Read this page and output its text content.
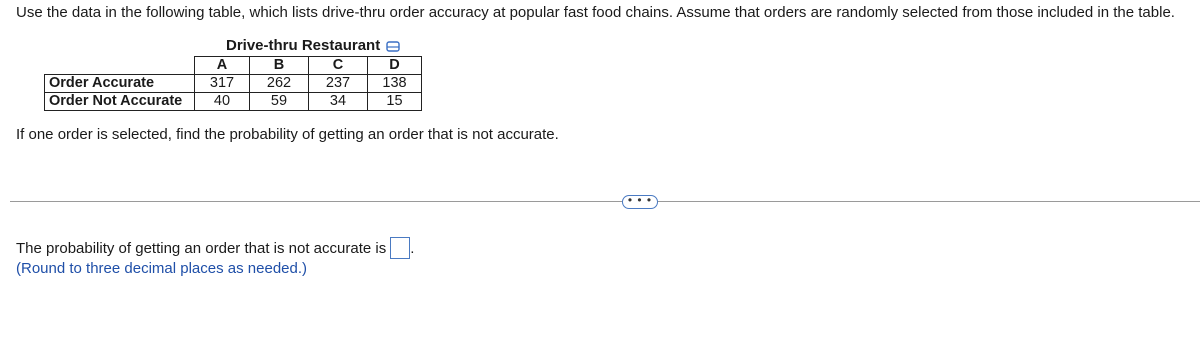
Use the data in the following table, which lists drive-thru order accuracy at popular fast food chains. Assume that orders are randomly selected from those included in the table.
Drive-thru Restaurant
	A	B	C	D
Order Accurate	317	262	237	138
Order Not Accurate	40	59	34	15
If one order is selected, find the probability of getting an order that is not accurate.
• • •
The probability of getting an order that is not accurate is .
(Round to three decimal places as needed.)
